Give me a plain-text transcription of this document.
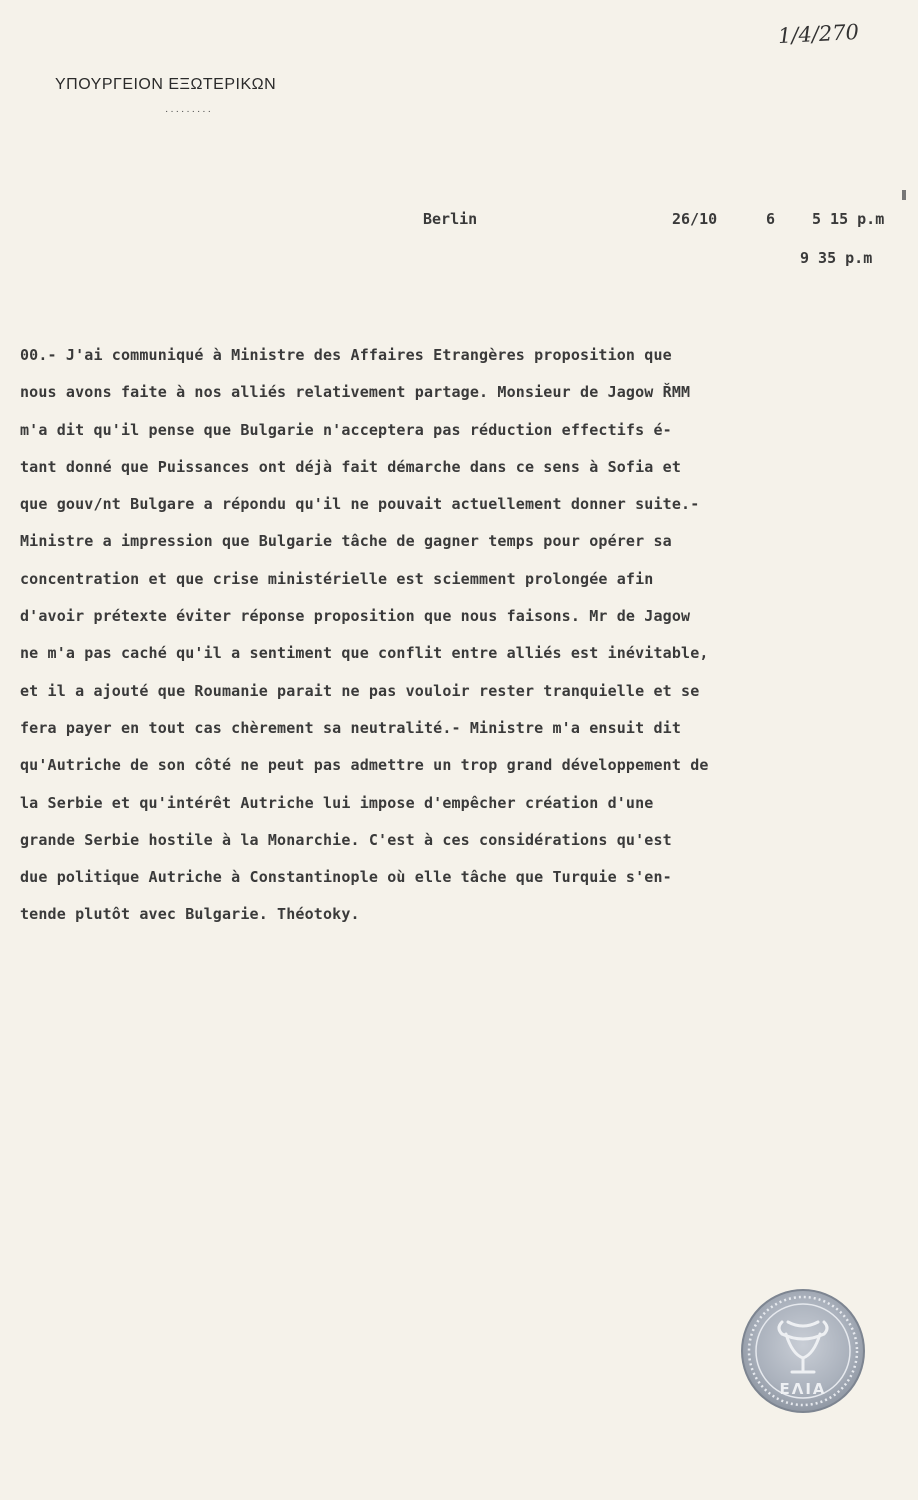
ΥΠΟΥΡΓΕΙΟΝ ΕΞΩΤΕΡΙΚΩΝ
·········
1/4/270
Berlin	26/10	6 5 15 p.m
9 35 p.m
00.- J'ai communiqué à Ministre des Affaires Etrangères proposition que
nous avons faite à nos alliés relativement partage. Monsieur de Jagow ŘMM
m'a dit qu'il pense que Bulgarie n'acceptera pas réduction effectifs é-
tant donné que Puissances ont déjà fait démarche dans ce sens à Sofia et
que gouv/nt Bulgare a répondu qu'il ne pouvait actuellement donner suite.-
Ministre a impression que Bulgarie tâche de gagner temps pour opérer sa
concentration et que crise ministérielle est sciemment prolongée afin
d'avoir prétexte éviter réponse proposition que nous faisons. Mr de Jagow
ne m'a pas caché qu'il a sentiment que conflit entre alliés est inévitable,
et il a ajouté que Roumanie parait ne pas vouloir rester tranquielle et se
fera payer en tout cas chèrement sa neutralité.- Ministre m'a ensuit dit
qu'Autriche de son côté ne peut pas admettre un trop grand développement de
la Serbie et qu'intérêt Autriche lui impose d'empêcher création d'une
grande Serbie hostile à la Monarchie. C'est à ces considérations qu'est
due politique Autriche à Constantinople où elle tâche que Turquie s'en-
tende plutôt avec Bulgarie. Théotoky.
ΕΛΙΑ
